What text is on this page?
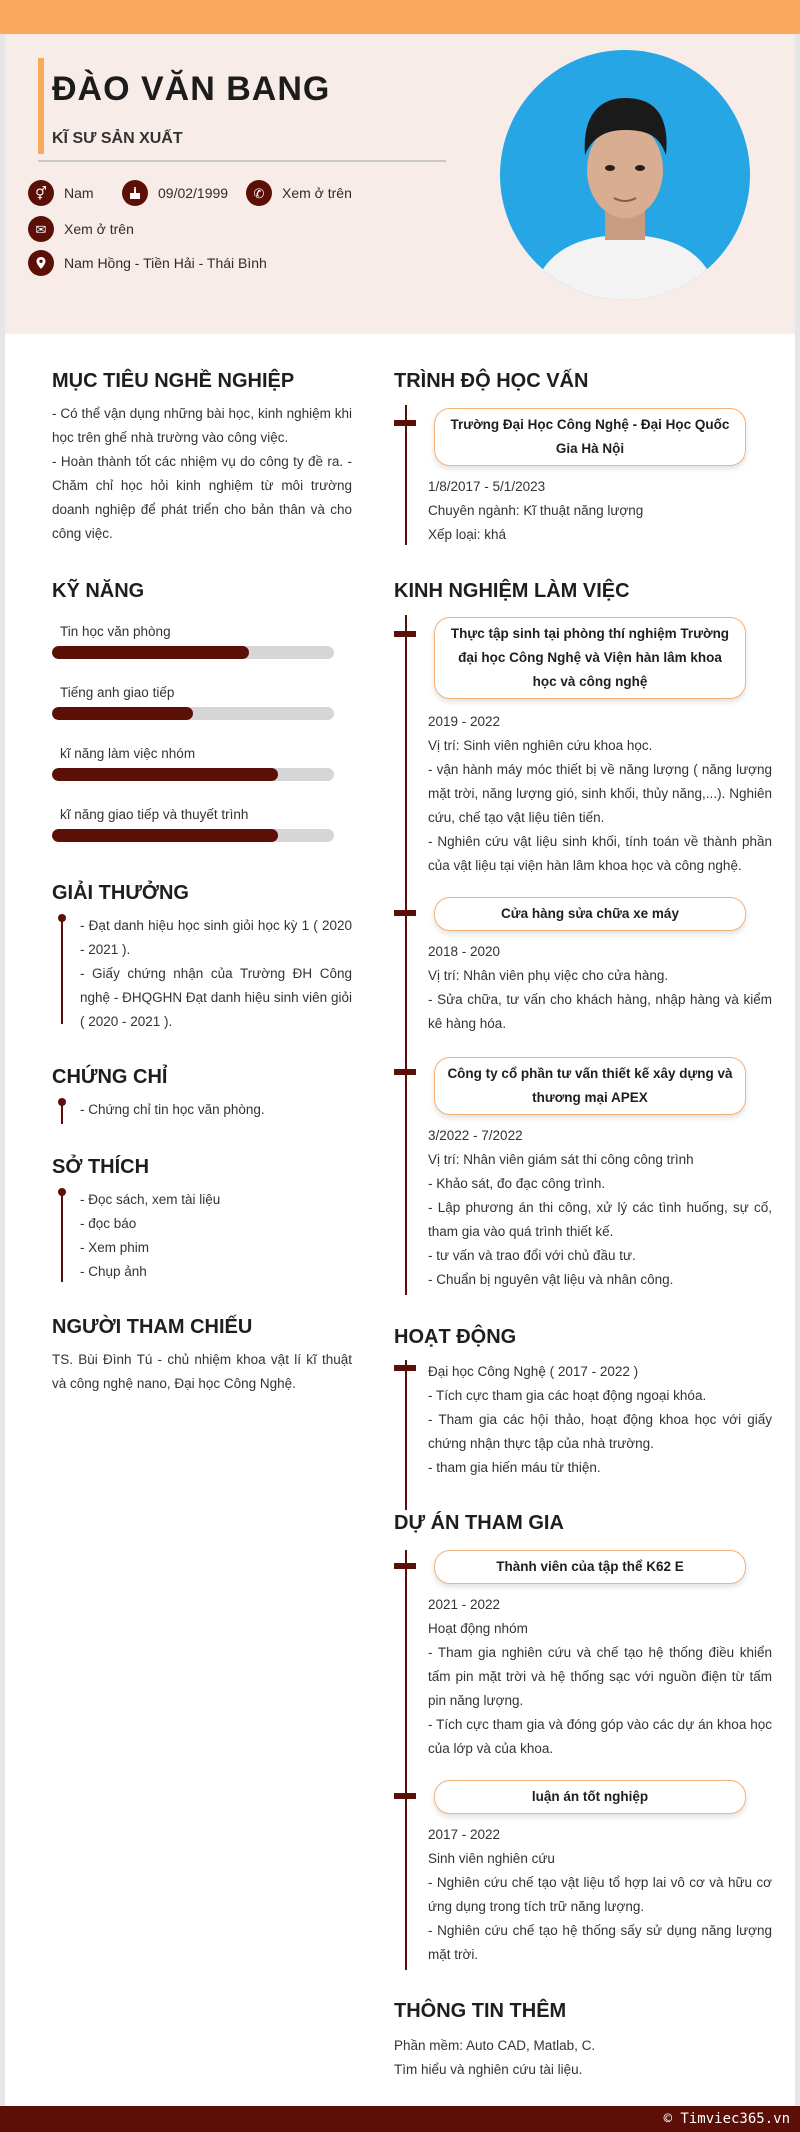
ĐÀO VĂN BANG
KĨ SƯ SẢN XUẤT
⚥	Nam	09/02/1999	✆	Xem ở trên
✉	Xem ở trên
Nam Hồng - Tiền Hải - Thái Bình
MỤC TIÊU NGHỀ NGHIỆP
- Có thể vận dụng những bài học, kinh nghiệm khi học trên ghế nhà trường vào công việc.
- Hoàn thành tốt các nhiệm vụ do công ty đề ra. - Chăm chỉ học hỏi kinh nghiệm từ môi trường doanh nghiệp để phát triển cho bản thân và cho công việc.
KỸ NĂNG
Tin học văn phòng
Tiếng anh giao tiếp
kĩ năng làm việc nhóm
kĩ năng giao tiếp và thuyết trình
GIẢI THƯỞNG
- Đạt danh hiệu học sinh giỏi học kỳ 1 ( 2020 - 2021 ).
- Giấy chứng nhận của Trường ĐH Công nghệ - ĐHQGHN Đạt danh hiệu sinh viên giỏi ( 2020 - 2021 ).
CHỨNG CHỈ
- Chứng chỉ tin học văn phòng.
SỞ THÍCH
- Đọc sách, xem tài liệu
- đọc báo
- Xem phim
- Chụp ảnh
NGƯỜI THAM CHIẾU
TS. Bùi Đình Tú - chủ nhiệm khoa vật lí kĩ thuật và công nghệ nano, Đại học Công Nghệ.
TRÌNH ĐỘ HỌC VẤN
Trường Đại Học Công Nghệ - Đại Học Quốc Gia Hà Nội
1/8/2017 - 5/1/2023
Chuyên ngành: Kĩ thuật năng lượng
Xếp loại: khá
KINH NGHIỆM LÀM VIỆC
Thực tập sinh tại phòng thí nghiệm Trường đại học Công Nghệ và Viện hàn lâm khoa học và công nghệ
2019 - 2022
Vị trí: Sinh viên nghiên cứu khoa học.
- vận hành máy móc thiết bị về năng lượng ( năng lượng mặt trời, năng lượng gió, sinh khối, thủy năng,...). Nghiên cứu, chế tạo vật liệu tiên tiến.
- Nghiên cứu vật liệu sinh khối, tính toán về thành phần của vật liệu tại viện hàn lâm khoa học và công nghệ.
Cửa hàng sửa chữa xe máy
2018 - 2020
Vị trí: Nhân viên phụ việc cho cửa hàng.
- Sửa chữa, tư vấn cho khách hàng, nhập hàng và kiểm kê hàng hóa.
Công ty cổ phần tư vấn thiết kế xây dựng và thương mại APEX
3/2022 - 7/2022
Vị trí: Nhân viên giám sát thi công công trình
- Khảo sát, đo đạc công trình.
- Lập phương án thi công, xử lý các tình huống, sự cố, tham gia vào quá trình thiết kế.
- tư vấn và trao đổi với chủ đầu tư.
- Chuẩn bị nguyên vật liệu và nhân công.
HOẠT ĐỘNG
Đại học Công Nghệ ( 2017 - 2022 )
- Tích cực tham gia các hoạt động ngoại khóa.
- Tham gia các hội thảo, hoạt động khoa học với giấy chứng nhận thực tập của nhà trường.
- tham gia hiến máu từ thiện.
DỰ ÁN THAM GIA
Thành viên của tập thể K62 E
2021 - 2022
Hoạt động nhóm
- Tham gia nghiên cứu và chế tạo hệ thống điều khiển tấm pin mặt trời và hệ thống sạc với nguồn điện từ tấm pin năng lượng.
- Tích cực tham gia và đóng góp vào các dự án khoa học của lớp và của khoa.
luận án tốt nghiệp
2017 - 2022
Sinh viên nghiên cứu
- Nghiên cứu chế tạo vật liệu tổ hợp lai vô cơ và hữu cơ ứng dụng trong tích trữ năng lượng.
- Nghiên cứu chế tạo hệ thống sấy sử dụng năng lượng mặt trời.
THÔNG TIN THÊM
Phần mềm: Auto CAD, Matlab, C.
Tìm hiểu và nghiên cứu tài liệu.
© Timviec365.vn
